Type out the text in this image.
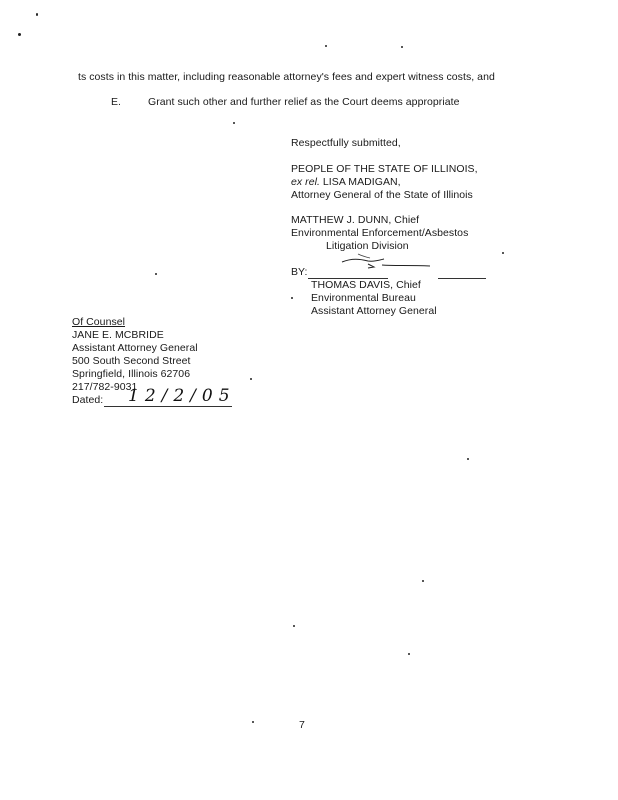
ts costs in this matter, including reasonable attorney's fees and expert witness costs, and
E.	Grant such other and further relief as the Court deems appropriate
Respectfully submitted,
PEOPLE OF THE STATE OF ILLINOIS,
ex rel. LISA MADIGAN,
Attorney General of the State of Illinois
MATTHEW J. DUNN, Chief
Environmental Enforcement/Asbestos
Litigation Division
BY:
THOMAS DAVIS, Chief
Environmental Bureau
Assistant Attorney General
Of Counsel
JANE E. MCBRIDE
Assistant Attorney General
500 South Second Street
Springfield, Illinois 62706
217/782-9031
Dated: 12/2/05
7
